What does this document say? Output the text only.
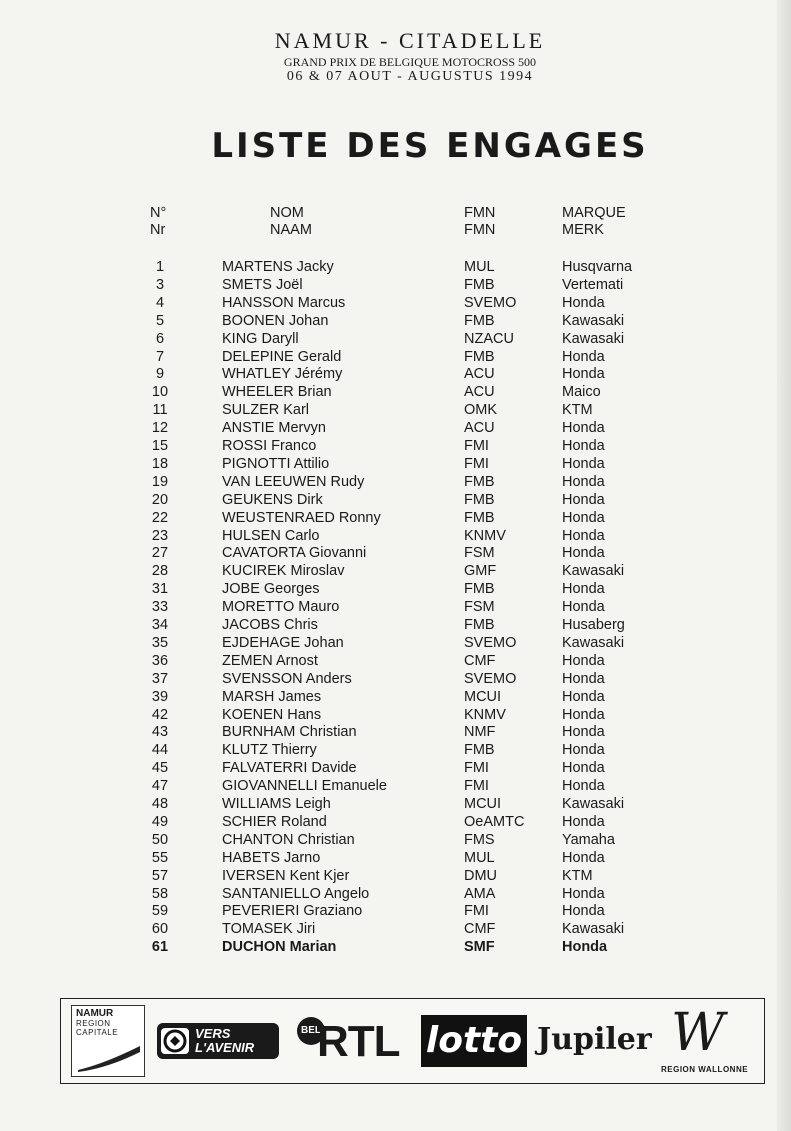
NAMUR - CITADELLE
GRAND PRIX DE BELGIQUE MOTOCROSS 500
06 & 07 AOUT - AUGUSTUS 1994
LISTE DES ENGAGES
N°	NOM	FMN	MARQUE
Nr	NAAM	FMN	MERK
1	MARTENS Jacky	MUL	Husqvarna
3	SMETS Joël	FMB	Vertemati
4	HANSSON Marcus	SVEMO	Honda
5	BOONEN Johan	FMB	Kawasaki
6	KING Daryll	NZACU	Kawasaki
7	DELEPINE Gerald	FMB	Honda
9	WHATLEY Jérémy	ACU	Honda
10	WHEELER Brian	ACU	Maico
11	SULZER Karl	OMK	KTM
12	ANSTIE Mervyn	ACU	Honda
15	ROSSI Franco	FMI	Honda
18	PIGNOTTI Attilio	FMI	Honda
19	VAN LEEUWEN Rudy	FMB	Honda
20	GEUKENS Dirk	FMB	Honda
22	WEUSTENRAED Ronny	FMB	Honda
23	HULSEN Carlo	KNMV	Honda
27	CAVATORTA Giovanni	FSM	Honda
28	KUCIREK Miroslav	GMF	Kawasaki
31	JOBE Georges	FMB	Honda
33	MORETTO Mauro	FSM	Honda
34	JACOBS Chris	FMB	Husaberg
35	EJDEHAGE Johan	SVEMO	Kawasaki
36	ZEMEN Arnost	CMF	Honda
37	SVENSSON Anders	SVEMO	Honda
39	MARSH James	MCUI	Honda
42	KOENEN Hans	KNMV	Honda
43	BURNHAM Christian	NMF	Honda
44	KLUTZ Thierry	FMB	Honda
45	FALVATERRI Davide	FMI	Honda
47	GIOVANNELLI Emanuele	FMI	Honda
48	WILLIAMS Leigh	MCUI	Kawasaki
49	SCHIER Roland	OeAMTC	Honda
50	CHANTON Christian	FMS	Yamaha
55	HABETS Jarno	MUL	Honda
57	IVERSEN Kent Kjer	DMU	KTM
58	SANTANIELLO Angelo	AMA	Honda
59	PEVERIERI Graziano	FMI	Honda
60	TOMASEK Jiri	CMF	Kawasaki
61	DUCHON Marian	SMF	Honda
NAMUR
REGION
CAPITALE	VERS
L'AVENIR
BEL
RTL lotto Jupiler W
REGION WALLONNE
